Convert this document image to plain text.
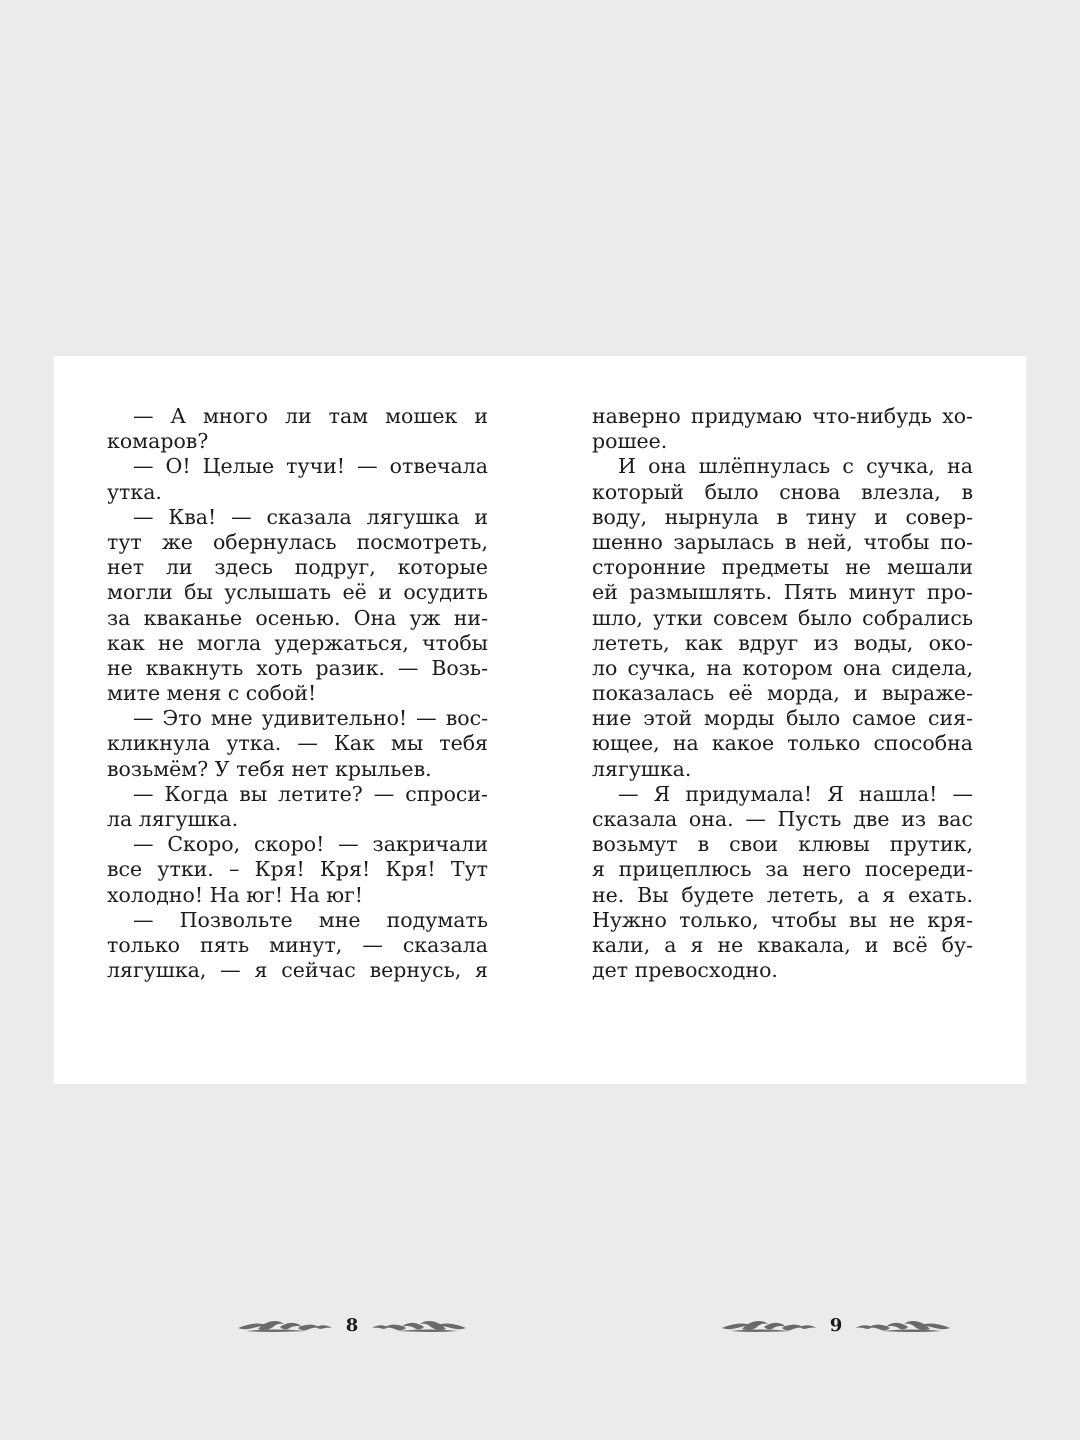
— А много ли там мошек и
комаров?
— О! Целые тучи! — отвечала
утка.
— Ква! — сказала лягушка и
тут же обернулась посмотреть,
нет ли здесь подруг, которые
могли бы услышать её и осудить
за кваканье осенью. Она уж ни-
как не могла удержаться, чтобы
не квакнуть хоть разик. — Возь-
мите меня с собой!
— Это мне удивительно! — вос-
кликнула утка. — Как мы тебя
возьмём? У тебя нет крыльев.
— Когда вы летите? — спроси-
ла лягушка.
— Скоро, скоро! — закричали
все утки. – Кря! Кря! Кря! Тут
холодно! На юг! На юг!
— Позвольте мне подумать
только пять минут, — сказала
лягушка, — я сейчас вернусь, я
наверно придумаю что-нибудь хо-
рошее.
И она шлёпнулась с сучка, на
который было снова влезла, в
воду, нырнула в тину и совер-
шенно зарылась в ней, чтобы по-
сторонние предметы не мешали
ей размышлять. Пять минут про-
шло, утки совсем было собрались
лететь, как вдруг из воды, око-
ло сучка, на котором она сидела,
показалась её морда, и выраже-
ние этой морды было самое сия-
ющее, на какое только способна
лягушка.
— Я придумала! Я нашла! —
сказала она. — Пусть две из вас
возьмут в свои клювы прутик,
я прицеплюсь за него посереди-
не. Вы будете лететь, а я ехать.
Нужно только, чтобы вы не кря-
кали, а я не квакала, и всё бу-
дет превосходно.
8	9
